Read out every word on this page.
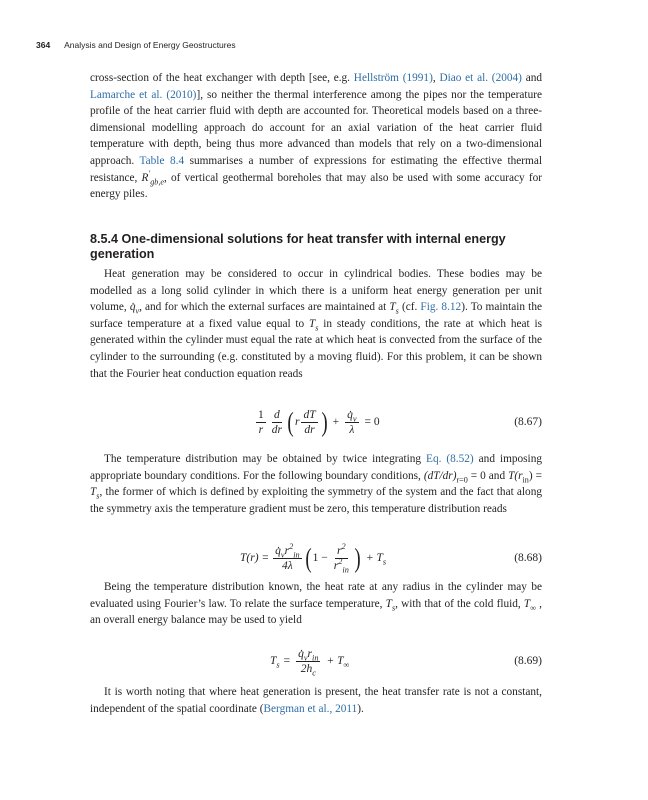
364 Analysis and Design of Energy Geostructures
cross-section of the heat exchanger with depth [see, e.g. Hellström (1991), Diao et al. (2004) and Lamarche et al. (2010)], so neither the thermal interference among the pipes nor the temperature profile of the heat carrier fluid with depth are accounted for. Theoretical models based on a three-dimensional modelling approach do account for an axial variation of the heat carrier fluid temperature with depth, being thus more advanced than models that rely on a two-dimensional approach. Table 8.4 summarises a number of expressions for estimating the effective thermal resistance, $R'_{gb,e}$, of vertical geothermal boreholes that may also be used with some accuracy for energy piles.
8.5.4 One-dimensional solutions for heat transfer with internal energy generation
Heat generation may be considered to occur in cylindrical bodies. These bodies may be modelled as a long solid cylinder in which there is a uniform heat energy generation per unit volume, $q̇_v$, and for which the external surfaces are maintained at $T_s$ (cf. Fig. 8.12). To maintain the surface temperature at a fixed value equal to $T_s$ in steady conditions, the rate at which heat is generated within the cylinder must equal the rate at which heat is convected from the surface of the cylinder to the surrounding (e.g. constituted by a moving fluid). For this problem, it can be shown that the Fourier heat conduction equation reads
$\frac{1}{r} \frac{d}{dr}$ ( r $\frac{dT}{dr}$ ) + $\frac{q̇_v}{\lambda} = 0$	(8.67)
The temperature distribution may be obtained by twice integrating Eq. (8.52) and imposing appropriate boundary conditions. For the following boundary conditions, $(dT/dr)_{r=0} = 0$ and $T(r_{in}) = T_s$, the former of which is defined by exploiting the symmetry of the system and the fact that along the symmetry axis the temperature gradient must be zero, this temperature distribution reads
$T(r) = \frac{q̇_vr^2_{in}}{4\lambda}$ ( $1 - \frac{r^2}{r^2_{in}}$ ) + $T_s$	(8.68)
Being the temperature distribution known, the heat rate at any radius in the cylinder may be evaluated using Fourier’s law. To relate the surface temperature, $T_s$, with that of the cold fluid, $T_\infty$ , an overall energy balance may be used to yield
$T_s = \frac{q̇_vr_{in}}{2h_c} + T_\infty$	(8.69)
It is worth noting that where heat generation is present, the heat transfer rate is not a constant, independent of the spatial coordinate (Bergman et al., 2011).
